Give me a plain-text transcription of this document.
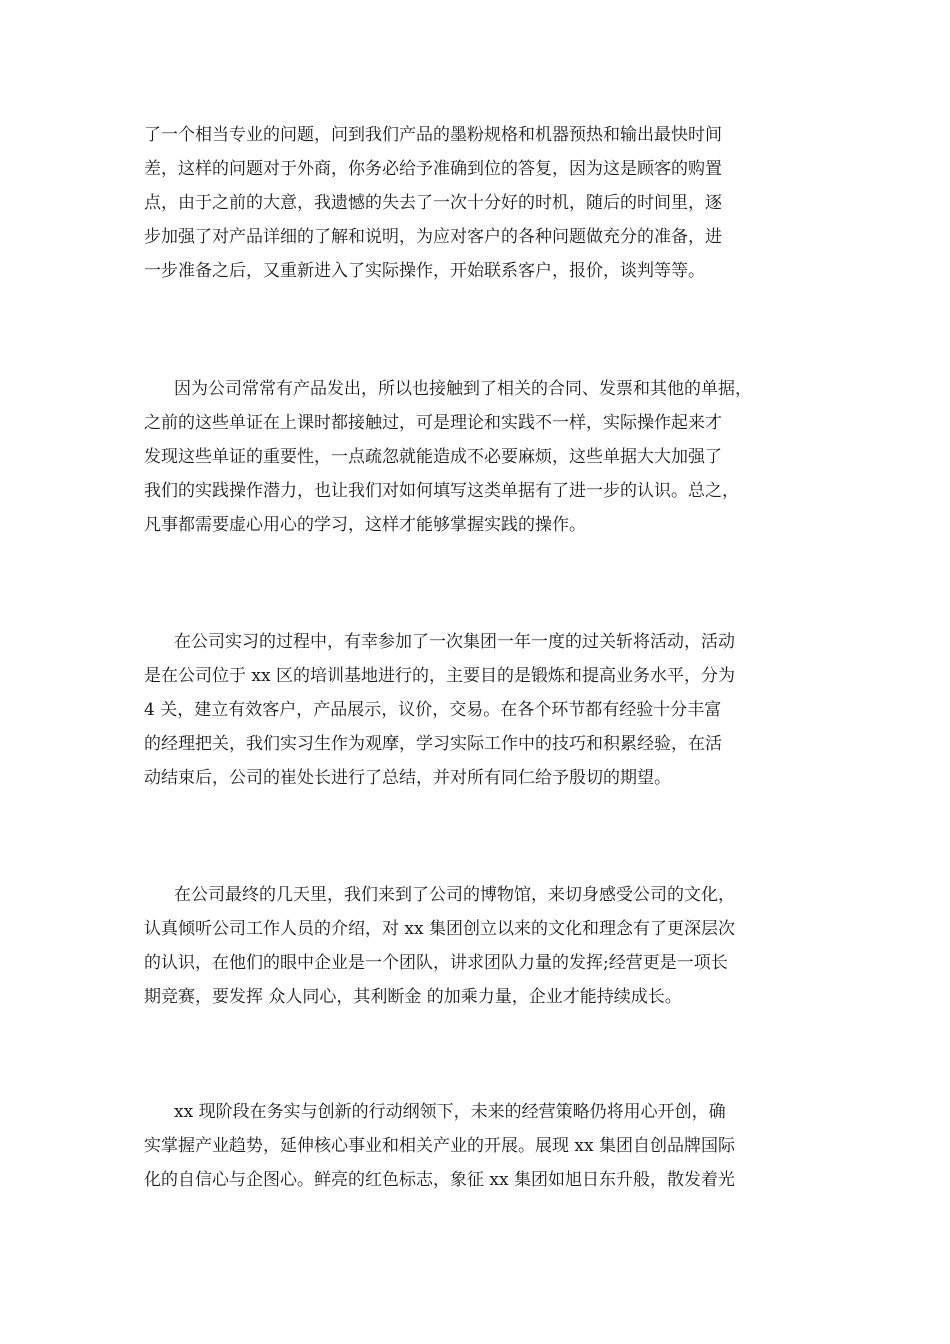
了一个相当专业的问题，问到我们产品的墨粉规格和机器预热和输出最快时间
差，这样的问题对于外商，你务必给予准确到位的答复，因为这是顾客的购置
点，由于之前的大意，我遗憾的失去了一次十分好的时机，随后的时间里，逐
步加强了对产品详细的了解和说明，为应对客户的各种问题做充分的准备，进
一步准备之后，又重新进入了实际操作，开始联系客户，报价，谈判等等。
因为公司常常有产品发出，所以也接触到了相关的合同、发票和其他的单据，
之前的这些单证在上课时都接触过，可是理论和实践不一样，实际操作起来才
发现这些单证的重要性，一点疏忽就能造成不必要麻烦，这些单据大大加强了
我们的实践操作潜力，也让我们对如何填写这类单据有了进一步的认识。总之，
凡事都需要虚心用心的学习，这样才能够掌握实践的操作。
在公司实习的过程中，有幸参加了一次集团一年一度的过关斩将活动，活动
是在公司位于 xx 区的培训基地进行的，主要目的是锻炼和提高业务水平，分为
4 关，建立有效客户，产品展示，议价，交易。在各个环节都有经验十分丰富
的经理把关，我们实习生作为观摩，学习实际工作中的技巧和积累经验，在活
动结束后，公司的崔处长进行了总结，并对所有同仁给予殷切的期望。
在公司最终的几天里，我们来到了公司的博物馆，来切身感受公司的文化，
认真倾听公司工作人员的介绍，对 xx 集团创立以来的文化和理念有了更深层次
的认识，在他们的眼中企业是一个团队，讲求团队力量的发挥;经营更是一项长
期竞赛，要发挥 众人同心，其利断金 的加乘力量，企业才能持续成长。
xx 现阶段在务实与创新的行动纲领下，未来的经营策略仍将用心开创，确
实掌握产业趋势，延伸核心事业和相关产业的开展。展现 xx 集团自创品牌国际
化的自信心与企图心。鲜亮的红色标志，象征 xx 集团如旭日东升般，散发着光
